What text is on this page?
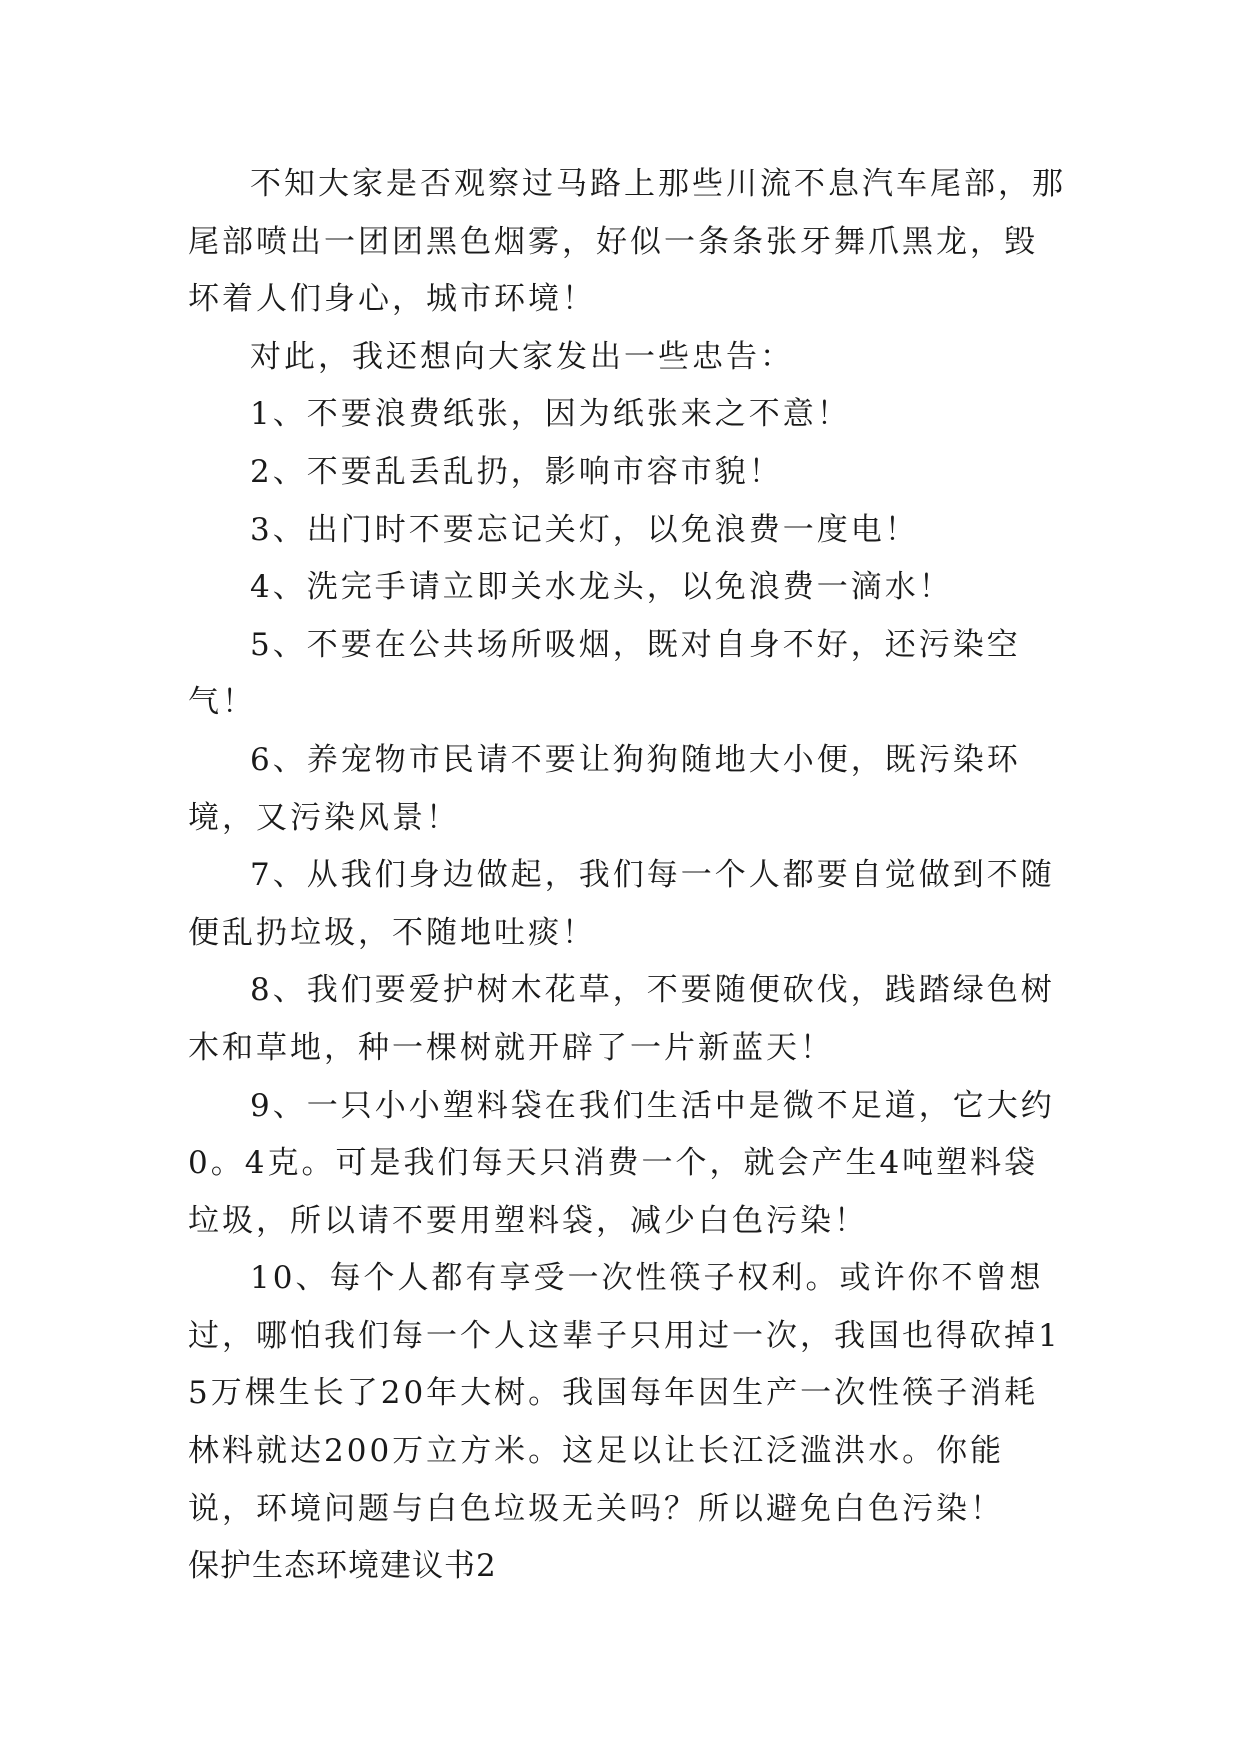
不知大家是否观察过马路上那些川流不息汽车尾部，那尾部喷出一团团黑色烟雾，好似一条条张牙舞爪黑龙，毁坏着人们身心，城市环境！

对此，我还想向大家发出一些忠告：

1、不要浪费纸张，因为纸张来之不意！

2、不要乱丢乱扔，影响市容市貌！

3、出门时不要忘记关灯，以免浪费一度电！

4、洗完手请立即关水龙头，以免浪费一滴水！

5、不要在公共场所吸烟，既对自身不好，还污染空气！

6、养宠物市民请不要让狗狗随地大小便，既污染环境，又污染风景！

7、从我们身边做起，我们每一个人都要自觉做到不随便乱扔垃圾，不随地吐痰！

8、我们要爱护树木花草，不要随便砍伐，践踏绿色树木和草地，种一棵树就开辟了一片新蓝天！

9、一只小小塑料袋在我们生活中是微不足道，它大约0。4克。可是我们每天只消费一个，就会产生4吨塑料袋垃圾，所以请不要用塑料袋，减少白色污染！

10、每个人都有享受一次性筷子权利。或许你不曾想过，哪怕我们每一个人这辈子只用过一次，我国也得砍掉15万棵生长了20年大树。我国每年因生产一次性筷子消耗林料就达200万立方米。这足以让长江泛滥洪水。你能说，环境问题与白色垃圾无关吗？所以避免白色污染！

保护生态环境建议书2
